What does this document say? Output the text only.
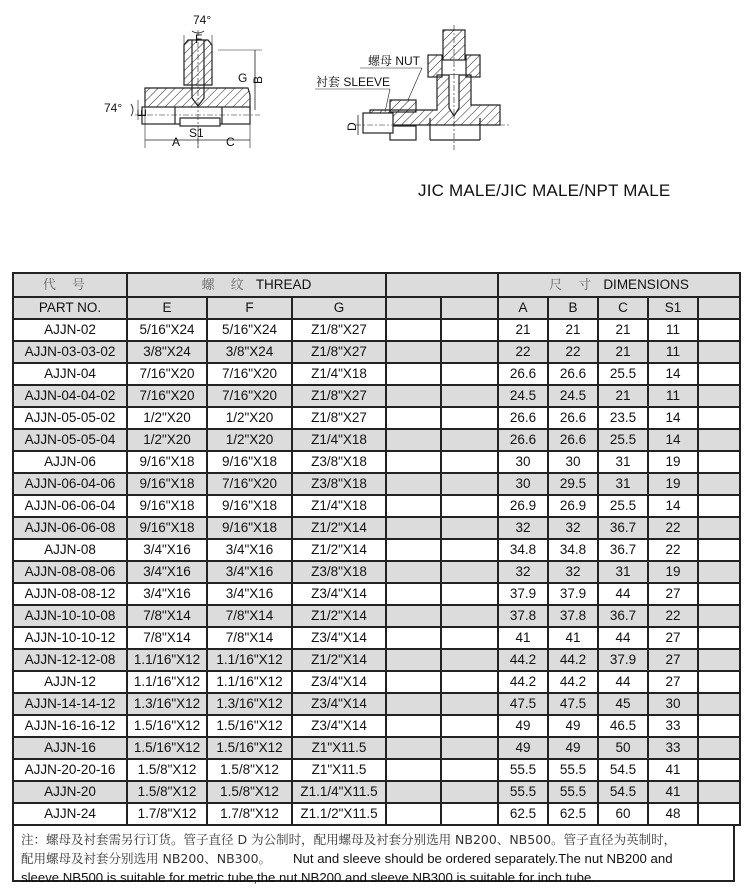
74°
F
74° E
G B
A
S1
C
螺母 NUT
衬套 SLEEVE
D
JIC MALE/JIC MALE/NPT MALE
代 号	螺 纹 THREAD					尺 寸 DIMENSIONS				
PART NO.	E	F	G			A	B	C	S1	
AJJN-02	5/16"X24	5/16"X24	Z1/8"X27			21	21	21	11	
AJJN-03-03-02	3/8"X24	3/8"X24	Z1/8"X27			22	22	21	11	
AJJN-04	7/16"X20	7/16"X20	Z1/4"X18			26.6	26.6	25.5	14	
AJJN-04-04-02	7/16"X20	7/16"X20	Z1/8"X27			24.5	24.5	21	11	
AJJN-05-05-02	1/2"X20	1/2"X20	Z1/8"X27			26.6	26.6	23.5	14	
AJJN-05-05-04	1/2"X20	1/2"X20	Z1/4"X18			26.6	26.6	25.5	14	
AJJN-06	9/16"X18	9/16"X18	Z3/8"X18			30	30	31	19	
AJJN-06-04-06	9/16"X18	7/16"X20	Z3/8"X18			30	29.5	31	19	
AJJN-06-06-04	9/16"X18	9/16"X18	Z1/4"X18			26.9	26.9	25.5	14	
AJJN-06-06-08	9/16"X18	9/16"X18	Z1/2"X14			32	32	36.7	22	
AJJN-08	3/4"X16	3/4"X16	Z1/2"X14			34.8	34.8	36.7	22	
AJJN-08-08-06	3/4"X16	3/4"X16	Z3/8"X18			32	32	31	19	
AJJN-08-08-12	3/4"X16	3/4"X16	Z3/4"X14			37.9	37.9	44	27	
AJJN-10-10-08	7/8"X14	7/8"X14	Z1/2"X14			37.8	37.8	36.7	22	
AJJN-10-10-12	7/8"X14	7/8"X14	Z3/4"X14			41	41	44	27	
AJJN-12-12-08	1.1/16"X12	1.1/16"X12	Z1/2"X14			44.2	44.2	37.9	27	
AJJN-12	1.1/16"X12	1.1/16"X12	Z3/4"X14			44.2	44.2	44	27	
AJJN-14-14-12	1.3/16"X12	1.3/16"X12	Z3/4"X14			47.5	47.5	45	30	
AJJN-16-16-12	1.5/16"X12	1.5/16"X12	Z3/4"X14			49	49	46.5	33	
AJJN-16	1.5/16"X12	1.5/16"X12	Z1"X11.5			49	49	50	33	
AJJN-20-20-16	1.5/8"X12	1.5/8"X12	Z1"X11.5			55.5	55.5	54.5	41	
AJJN-20	1.5/8"X12	1.5/8"X12	Z1.1/4"X11.5			55.5	55.5	54.5	41	
AJJN-24	1.7/8"X12	1.7/8"X12	Z1.1/2"X11.5			62.5	62.5	60	48	
注：螺母及衬套需另行订货。管子直径 D 为公制时，配用螺母及衬套分别选用 NB200、NB500。管子直径为英制时，
配用螺母及衬套分别选用 NB200、NB300。 Nut and sleeve should be ordered separately.The nut NB200 and
sleeve NB500 is suitable for metric tube,the nut NB200 and sleeve NB300 is suitable for inch tube.
